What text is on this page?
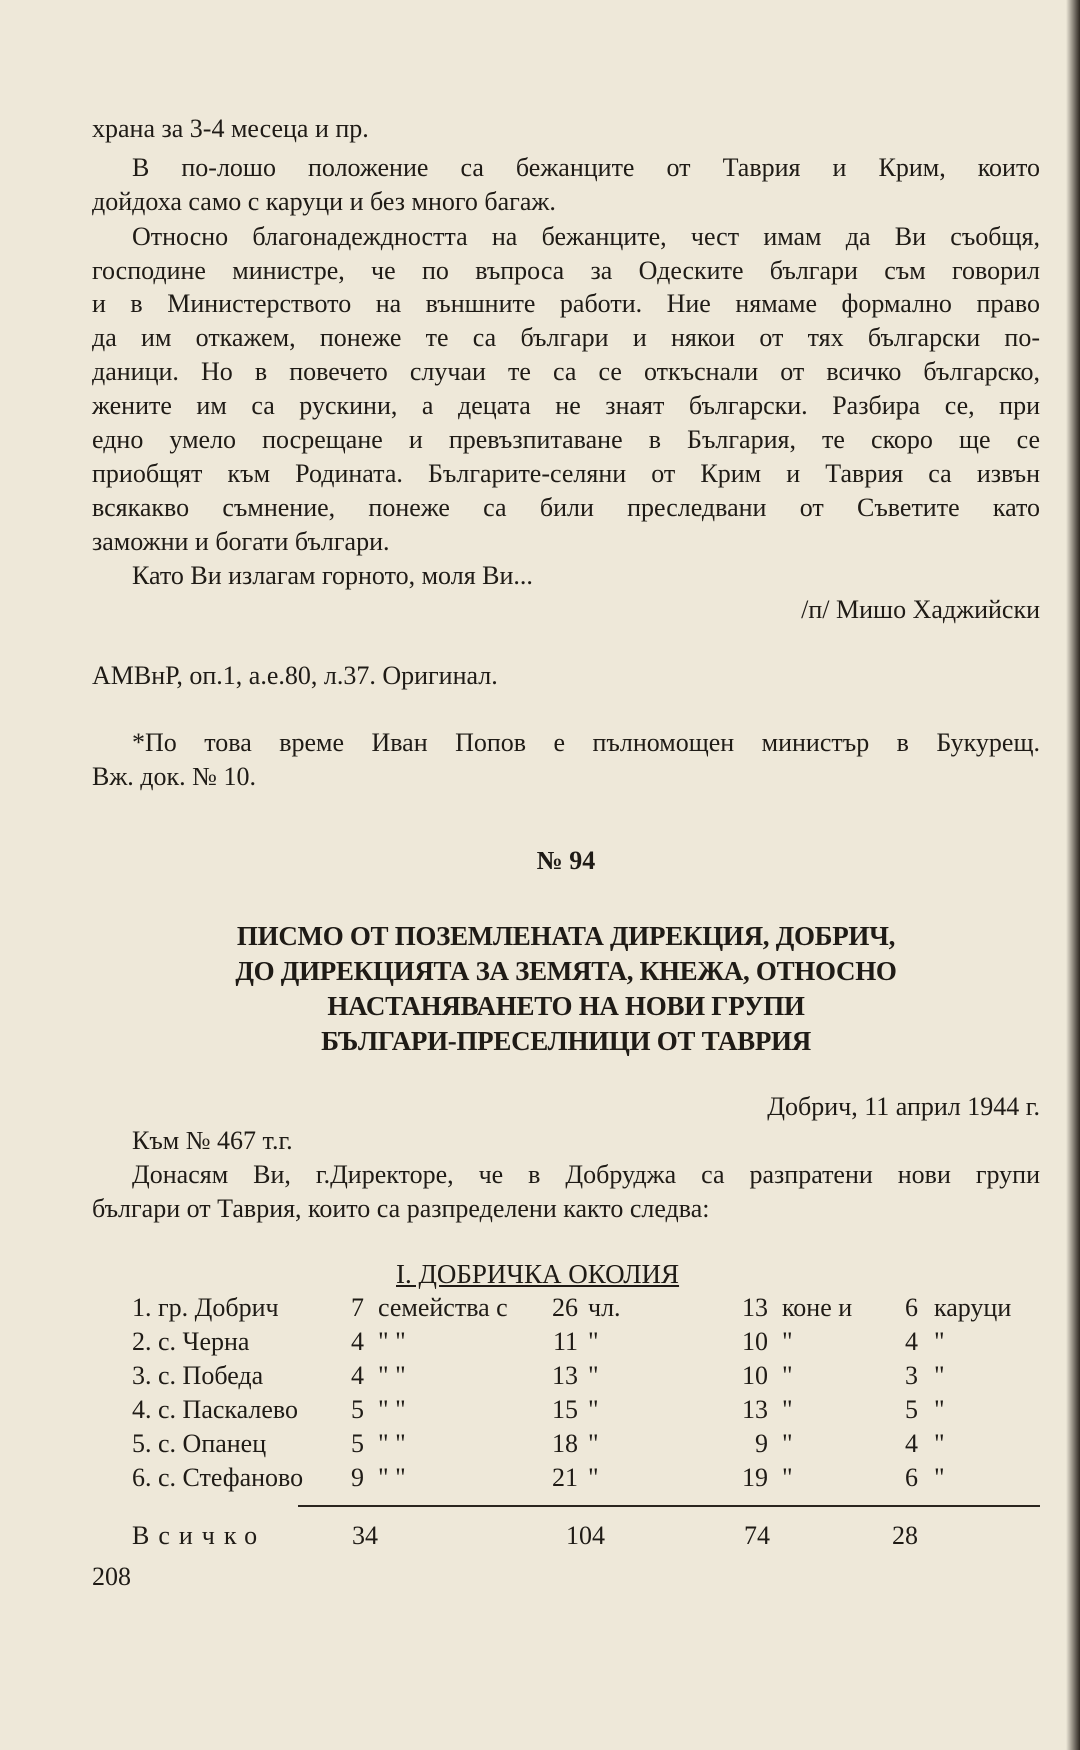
храна за 3-4 месеца и пр.
В по-лошо положение са бежанците от Таврия и Крим, които
дойдоха само с каруци и без много багаж.
Относно благонадеждността на бежанците, чест имам да Ви съобщя,
господине министре, че по въпроса за Одеските българи съм говорил
и в Министерството на външните работи. Ние нямаме формално право
да им откажем, понеже те са българи и някои от тях български по-
даници. Но в повечето случаи те са се откъснали от всичко българско,
жените им са рускини, а децата не знаят български. Разбира се, при
едно умело посрещане и превъзпитаване в България, те скоро ще се
приобщят към Родината. Българите-селяни от Крим и Таврия са извън
всякакво съмнение, понеже са били преследвани от Съветите като
заможни и богати българи.
Като Ви излагам горното, моля Ви...
/п/ Мишо Хаджийски
АМВнР, оп.1, а.е.80, л.37. Оригинал.
*По това време Иван Попов е пълномощен министър в Букурещ.
Вж. док. № 10.
№ 94
ПИСМО ОТ ПОЗЕМЛЕНАТА ДИРЕКЦИЯ, ДОБРИЧ,
ДО ДИРЕКЦИЯТА ЗА ЗЕМЯТА, КНЕЖА, ОТНОСНО
НАСТАНЯВАНЕТО НА НОВИ ГРУПИ
БЪЛГАРИ-ПРЕСЕЛНИЦИ ОТ ТАВРИЯ
Добрич, 11 април 1944 г.
Към № 467 т.г.
Донасям Ви, г.Директоре, че в Добруджа са разпратени нови групи
българи от Таврия, които са разпределени както следва:
I. ДОБРИЧКА ОКОЛИЯ
1. гр. Добрич	7 семейства с 26 чл.	13 коне и 6 каруци
2. с. Черна	4 " "	11 "	10 "	4 "
3. с. Победа	4 " "	13 "	10 "	3 "
4. с. Паскалево 5 " "	15 "	13 "	5 "
5. с. Опанец	5 " "	18 "	9 "	4 "
6. с. Стефаново 9 " "	21 "	19 "	6 "
Всичко	34	104	74	28
208
